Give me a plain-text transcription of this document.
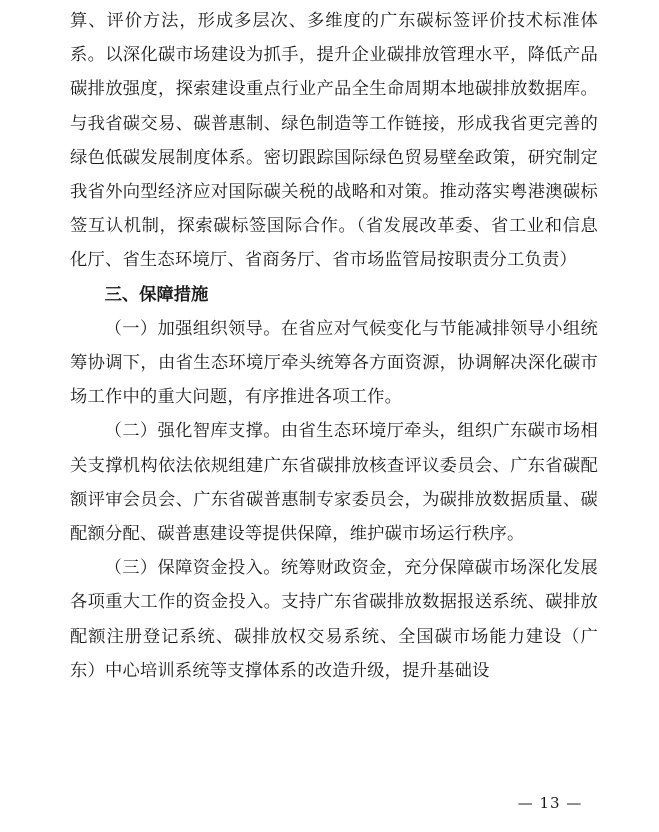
算、评价方法，形成多层次、多维度的广东碳标签评价技术标准体系。以深化碳市场建设为抓手，提升企业碳排放管理水平，降低产品碳排放强度，探索建设重点行业产品全生命周期本地碳排放数据库。与我省碳交易、碳普惠制、绿色制造等工作链接，形成我省更完善的绿色低碳发展制度体系。密切跟踪国际绿色贸易壁垒政策，研究制定我省外向型经济应对国际碳关税的战略和对策。推动落实粤港澳碳标签互认机制，探索碳标签国际合作。（省发展改革委、省工业和信息化厅、省生态环境厅、省商务厅、省市场监管局按职责分工负责）

三、保障措施

（一）加强组织领导。在省应对气候变化与节能减排领导小组统筹协调下，由省生态环境厅牵头统筹各方面资源，协调解决深化碳市场工作中的重大问题，有序推进各项工作。

（二）强化智库支撑。由省生态环境厅牵头，组织广东碳市场相关支撑机构依法依规组建广东省碳排放核查评议委员会、广东省碳配额评审会员会、广东省碳普惠制专家委员会，为碳排放数据质量、碳配额分配、碳普惠建设等提供保障，维护碳市场运行秩序。

（三）保障资金投入。统筹财政资金，充分保障碳市场深化发展各项重大工作的资金投入。支持广东省碳排放数据报送系统、碳排放配额注册登记系统、碳排放权交易系统、全国碳市场能力建设（广东）中心培训系统等支撑体系的改造升级，提升基础设

— 13 —
